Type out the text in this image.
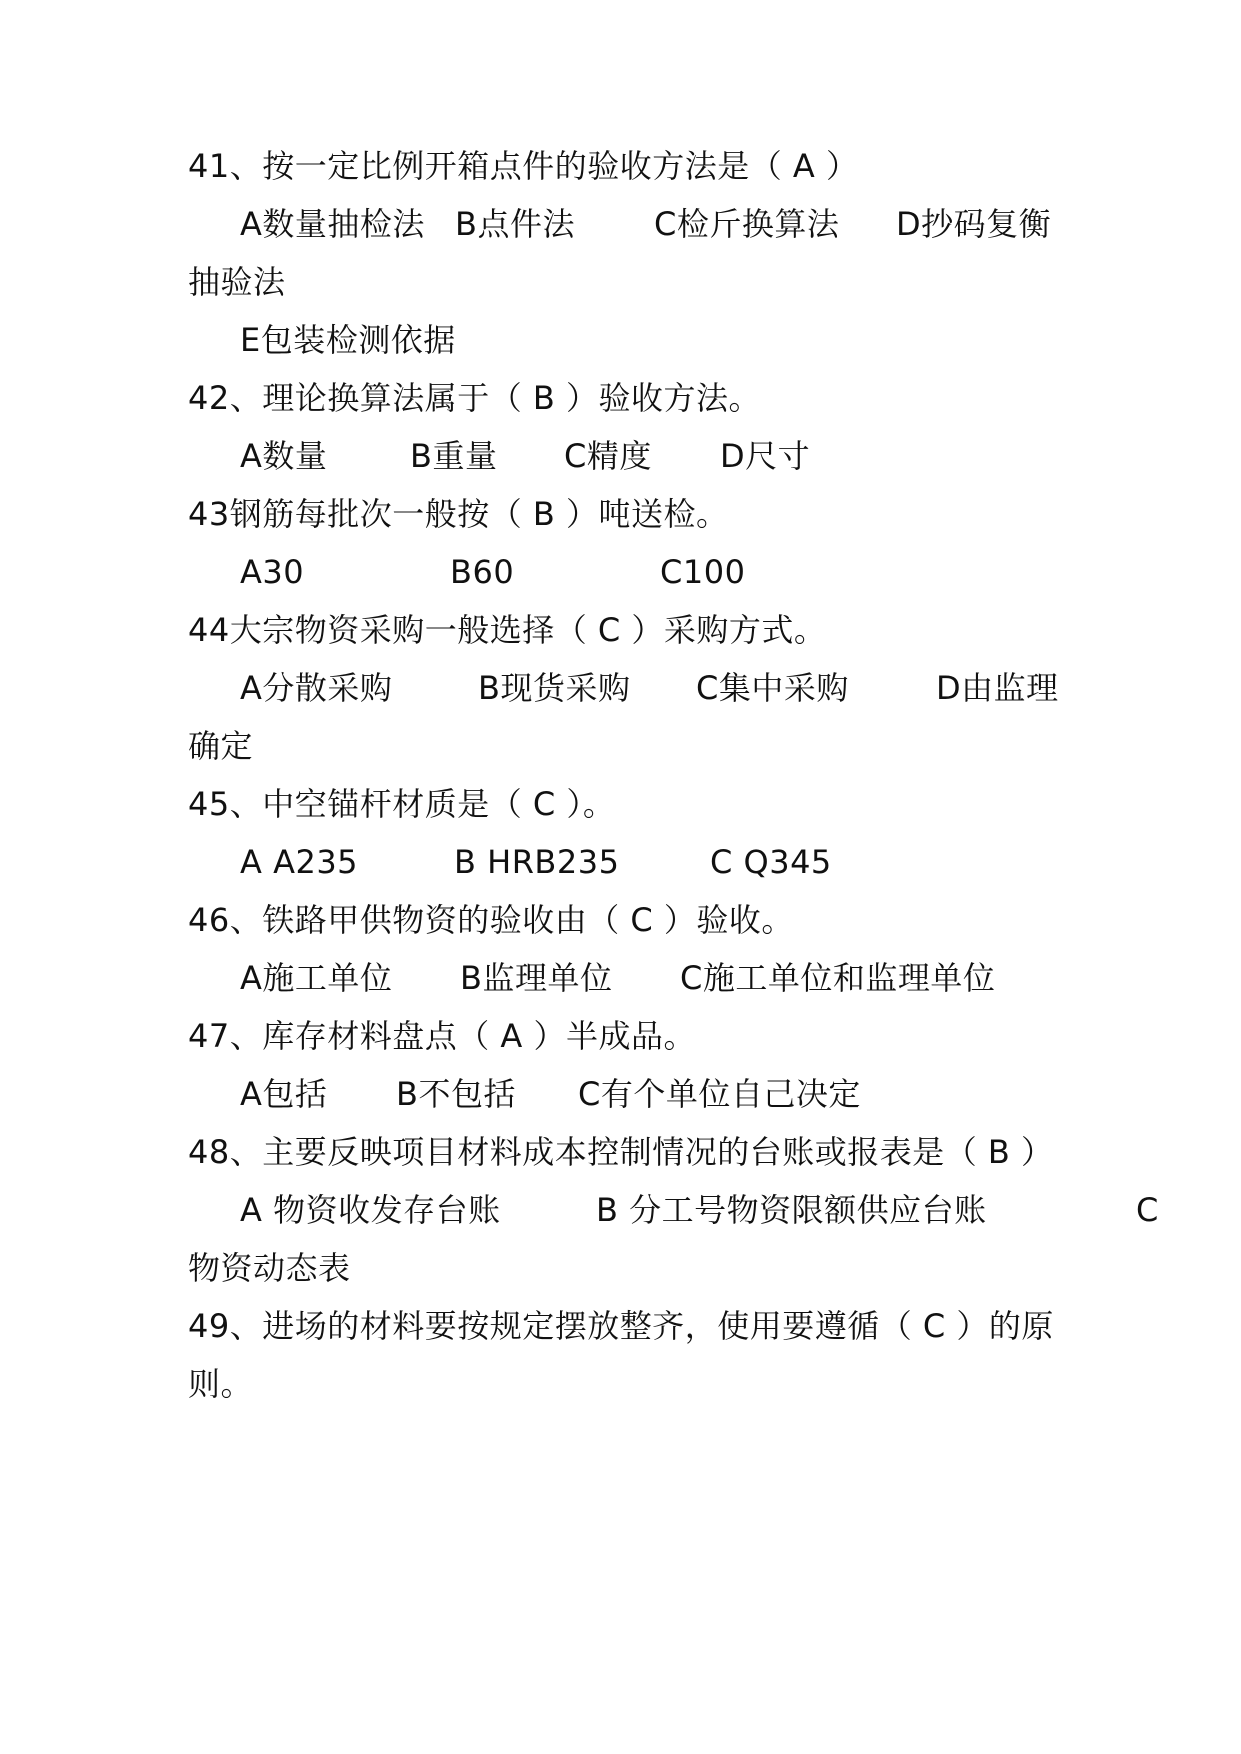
41、按一定比例开箱点件的验收方法是（ A ）
A数量抽检法 B点件法 C检斤换算法 D抄码复衡
抽验法
E包装检测依据
42、理论换算法属于（ B ）验收方法。
A数量	B重量 C精度 D尺寸
43钢筋每批次一般按（ B ）吨送检。
A30	B60	C100
44大宗物资采购一般选择（ C ）采购方式。
A分散采购	B现货采购 C集中采购	D由监理
确定
45、中空锚杆材质是（ C ）。
A A235	B HRB235	C Q345
46、铁路甲供物资的验收由（ C ）验收。
A施工单位 B监理单位 C施工单位和监理单位
47、库存材料盘点（ A ）半成品。
A包括 B不包括 C有个单位自己决定
48、主要反映项目材料成本控制情况的台账或报表是（ B ）
A 物资收发存台账	B 分工号物资限额供应台账	C
物资动态表
49、进场的材料要按规定摆放整齐，使用要遵循（ C ）的原
则。
